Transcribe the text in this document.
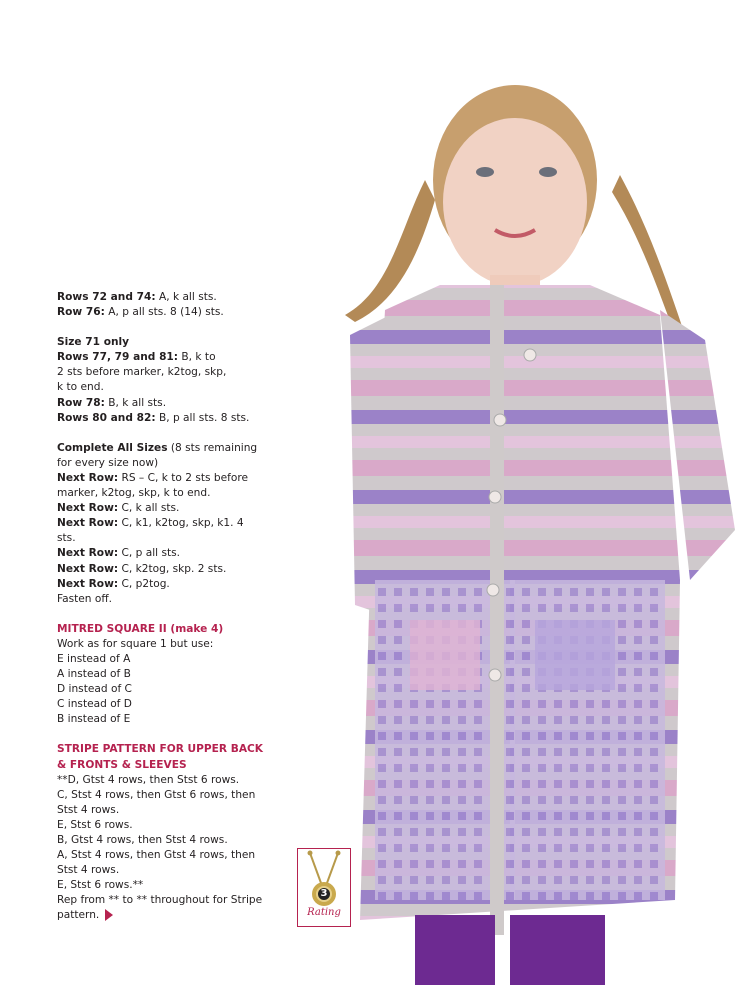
Rows 72 and 74: A, k all sts.

Row 76: A, p all sts. 8 (14) sts.

Size 71 only

Rows 77, 79 and 81: B, k to

2 sts before marker, k2tog, skp,

k to end.

Row 78: B, k all sts.

Rows 80 and 82: B, p all sts. 8 sts.

Complete All Sizes (8 sts remaining

for every size now)

Next Row: RS – C, k to 2 sts before

marker, k2tog, skp, k to end.

Next Row: C, k all sts.

Next Row: C, k1, k2tog, skp, k1. 4

sts.

Next Row: C, p all sts.

Next Row: C, k2tog, skp. 2 sts.

Next Row: C, p2tog.

Fasten off.

MITRED SQUARE II (make 4)

Work as for square 1 but use:

E instead of A

A instead of B

D instead of C

C instead of D

B instead of E

STRIPE PATTERN FOR UPPER BACK

& FRONTS & SLEEVES

**D, Gtst 4 rows, then Stst 6 rows.

C, Stst 4 rows, then Gtst 6 rows, then

Stst 4 rows.

E, Stst 6 rows.

B, Gtst 4 rows, then Stst 4 rows.

A, Stst 4 rows, then Gtst 4 rows, then

Stst 4 rows.

E, Stst 6 rows.**

Rep from ** to ** throughout for Stripe

pattern.

3
Rating
